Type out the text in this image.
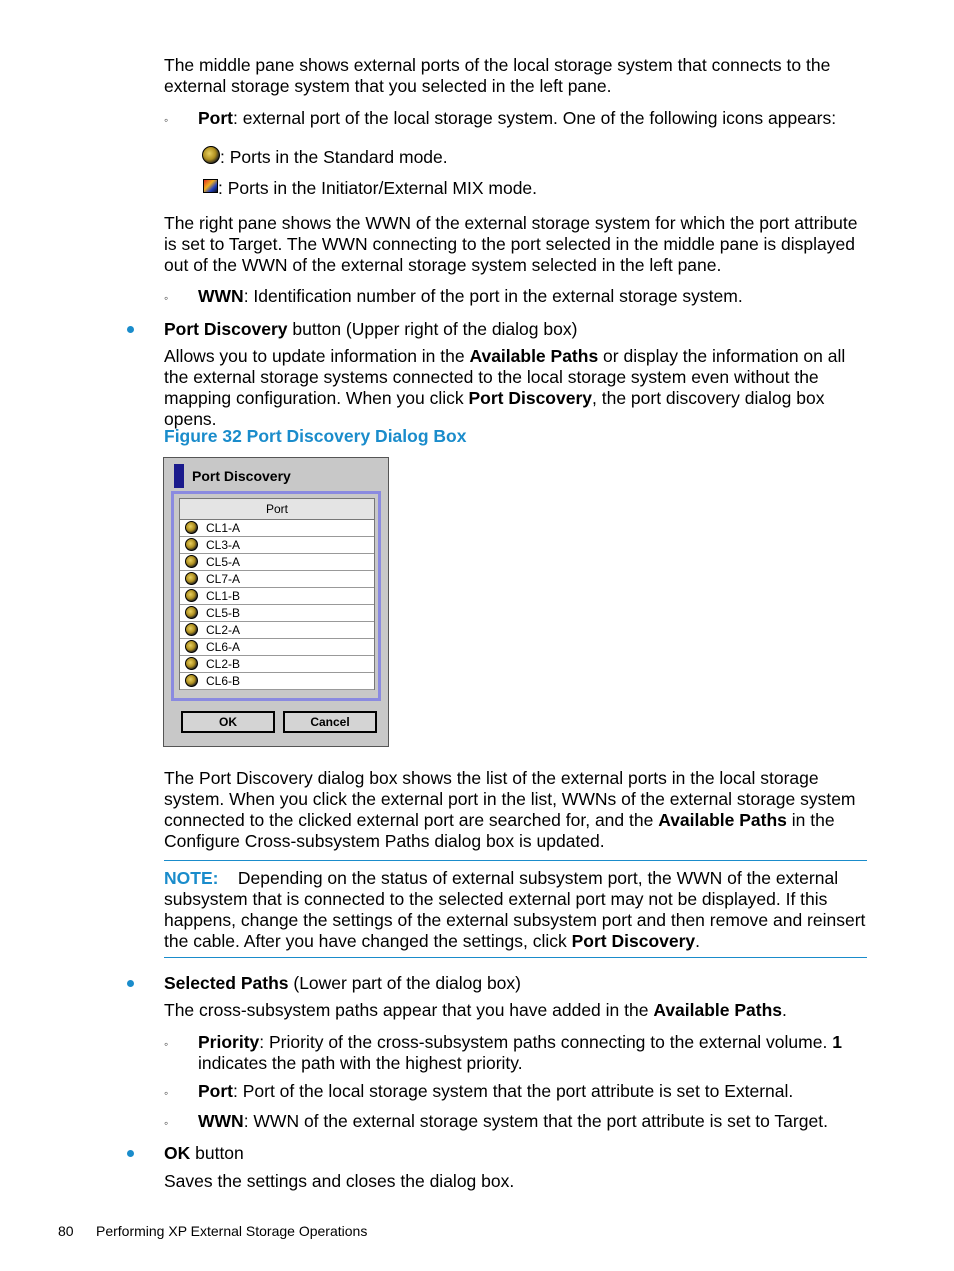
The middle pane shows external ports of the local storage system that connects to the external storage system that you selected in the left pane.
◦ Port: external port of the local storage system. One of the following icons appears:
: Ports in the Standard mode.
: Ports in the Initiator/External MIX mode.
The right pane shows the WWN of the external storage system for which the port attribute is set to Target. The WWN connecting to the port selected in the middle pane is displayed out of the WWN of the external storage system selected in the left pane.
◦ WWN: Identification number of the port in the external storage system.
Port Discovery button (Upper right of the dialog box)
Allows you to update information in the Available Paths or display the information on all the external storage systems connected to the local storage system even without the mapping configuration. When you click Port Discovery, the port discovery dialog box opens.
Figure 32 Port Discovery Dialog Box
Port Discovery
Port
CL1-A
CL3-A
CL5-A
CL7-A
CL1-B
CL5-B
CL2-A
CL6-A
CL2-B
CL6-B
OK	Cancel
The Port Discovery dialog box shows the list of the external ports in the local storage system. When you click the external port in the list, WWNs of the external storage system connected to the clicked external port are searched for, and the Available Paths in the Configure Cross-subsystem Paths dialog box is updated.
NOTE: Depending on the status of external subsystem port, the WWN of the external subsystem that is connected to the selected external port may not be displayed. If this happens, change the settings of the external subsystem port and then remove and reinsert the cable. After you have changed the settings, click Port Discovery.
Selected Paths (Lower part of the dialog box)
The cross-subsystem paths appear that you have added in the Available Paths.
◦ Priority: Priority of the cross-subsystem paths connecting to the external volume. 1 indicates the path with the highest priority.
◦ Port: Port of the local storage system that the port attribute is set to External.
◦ WWN: WWN of the external storage system that the port attribute is set to Target.
OK button
Saves the settings and closes the dialog box.
80 Performing XP External Storage Operations
